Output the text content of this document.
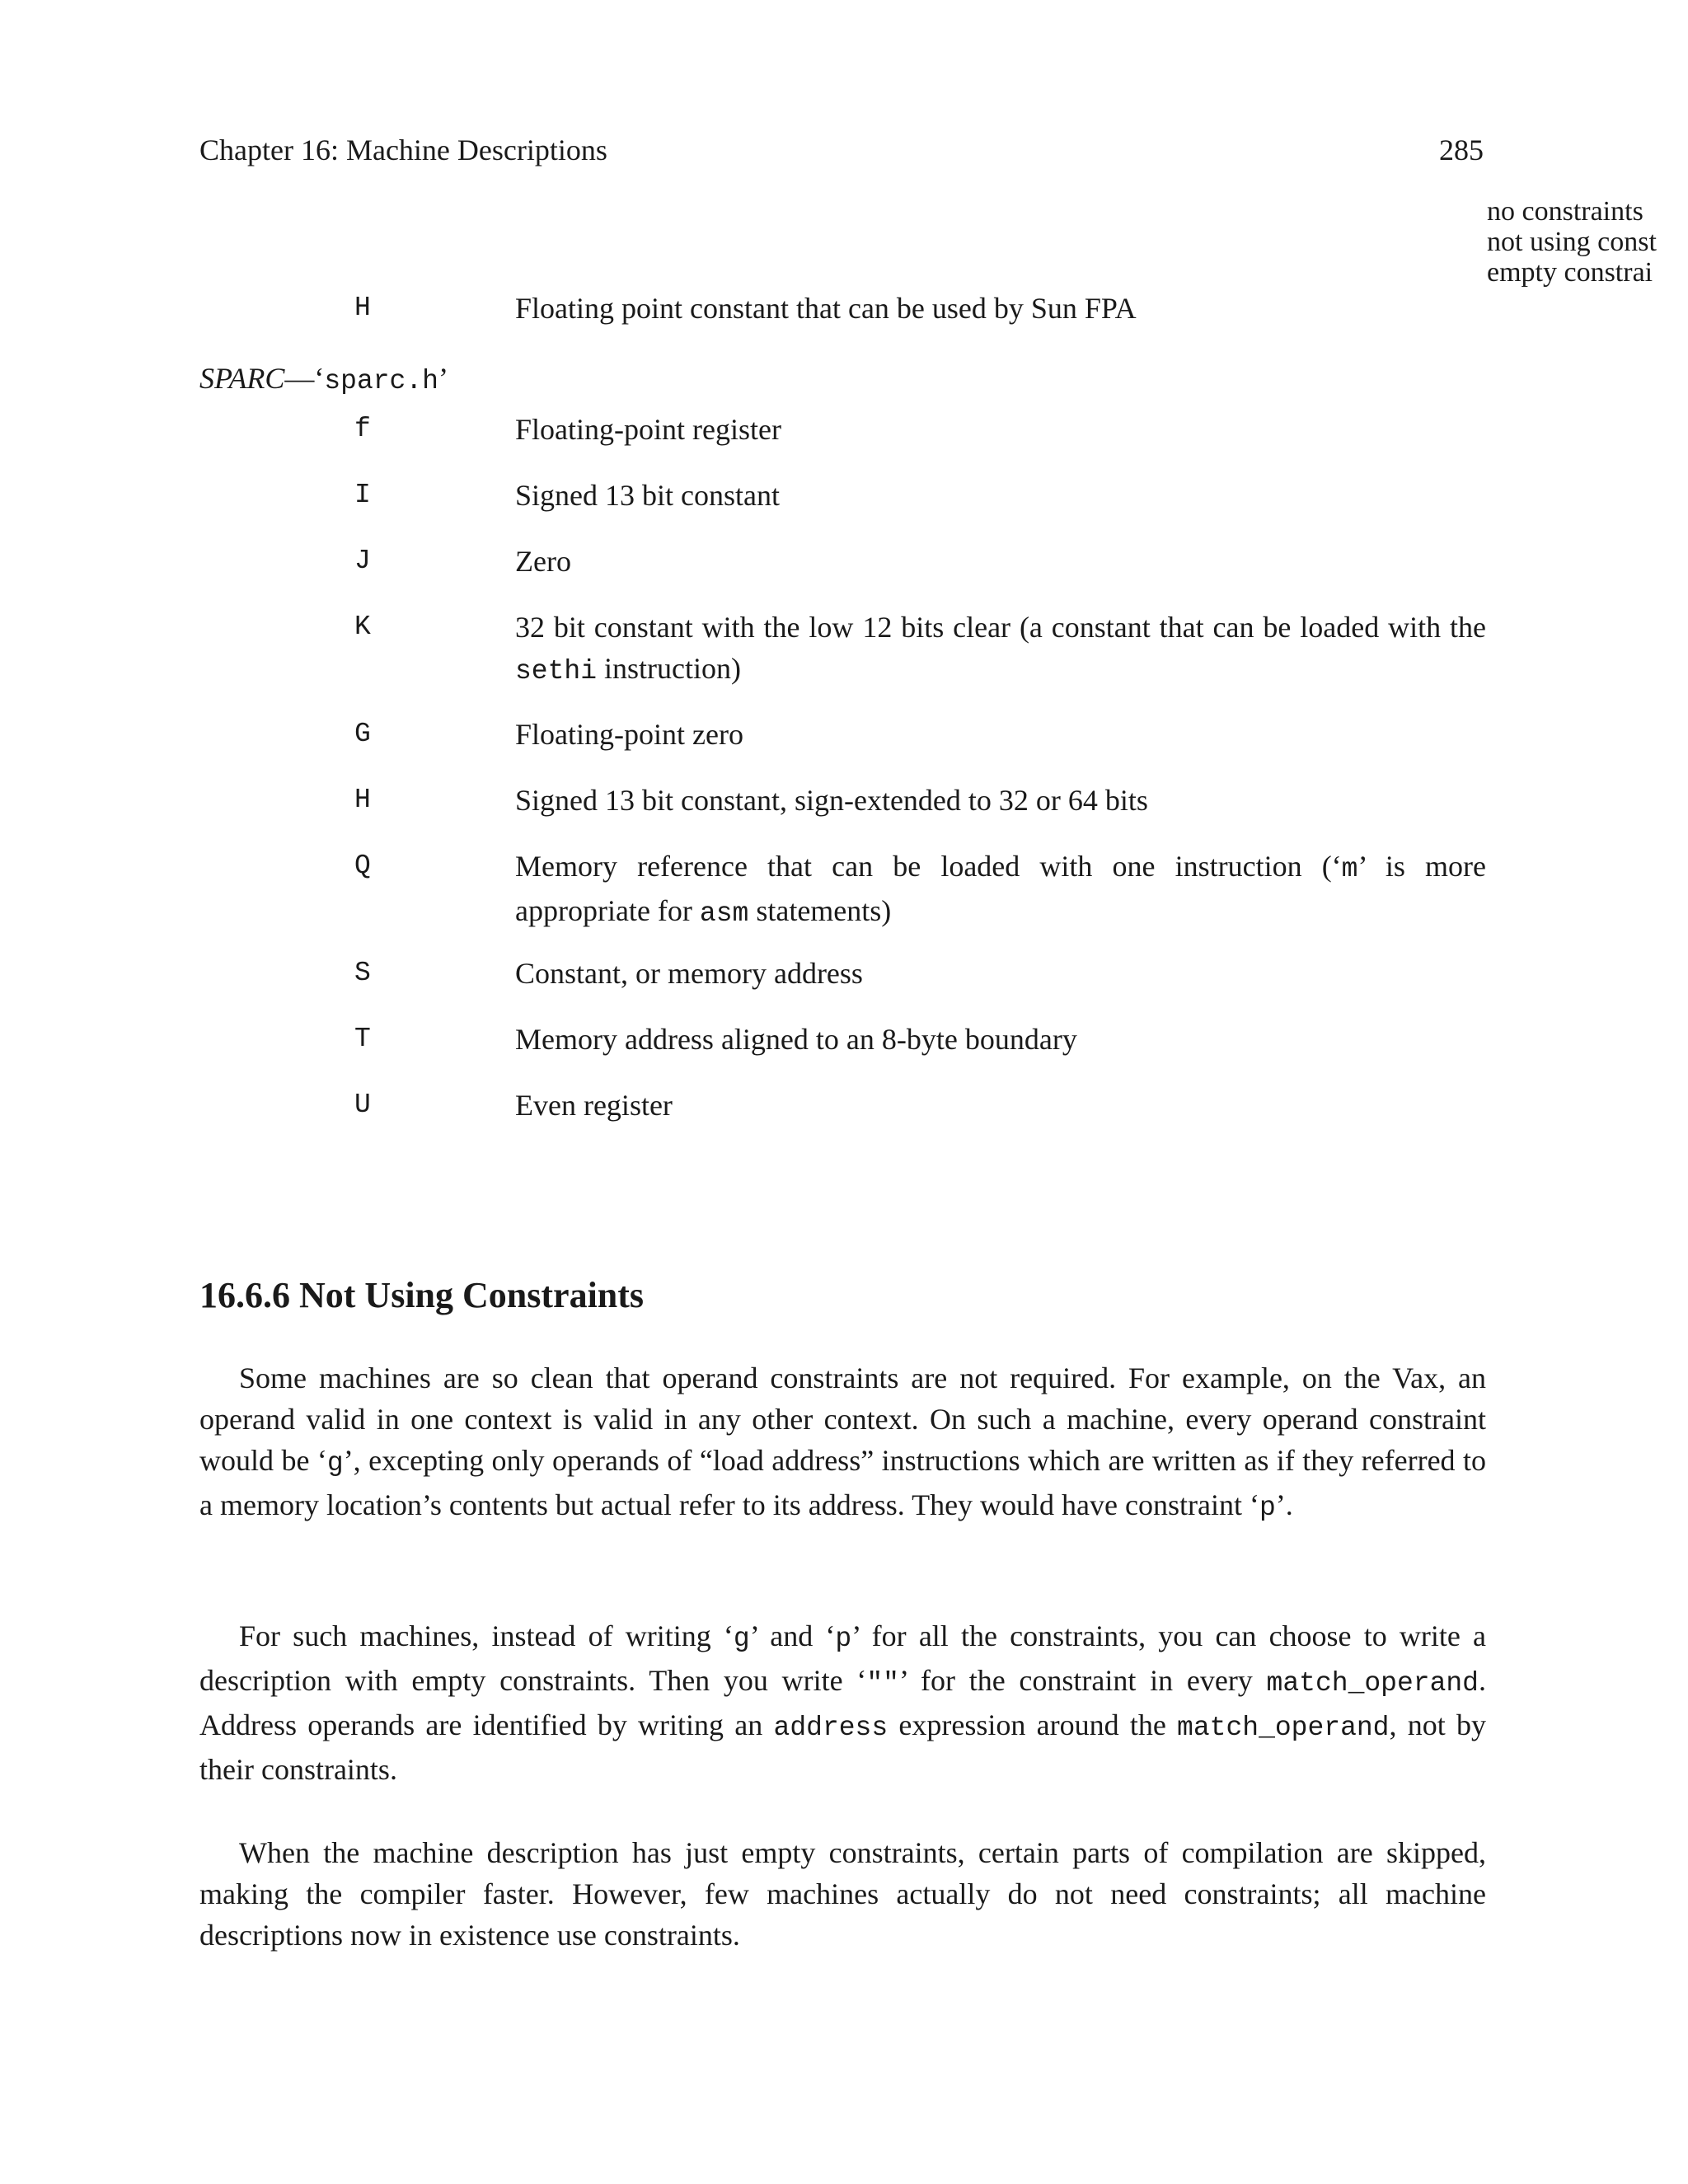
Chapter 16: Machine Descriptions	285
no constraints
not using const
empty constrai
H	Floating point constant that can be used by Sun FPA
SPARC—‘sparc.h’
f	Floating-point register
I	Signed 13 bit constant
J	Zero
K	32 bit constant with the low 12 bits clear (a constant that can be loaded with the sethi instruction)
G	Floating-point zero
H	Signed 13 bit constant, sign-extended to 32 or 64 bits
Q	Memory reference that can be loaded with one instruction (‘m’ is more appropriate for asm statements)
S	Constant, or memory address
T	Memory address aligned to an 8-byte boundary
U	Even register
16.6.6 Not Using Constraints
Some machines are so clean that operand constraints are not required. For example, on the Vax, an operand valid in one context is valid in any other context. On such a machine, every operand constraint would be ‘g’, excepting only operands of “load address” instructions which are written as if they referred to a memory location’s contents but actual refer to its address. They would have constraint ‘p’.
For such machines, instead of writing ‘g’ and ‘p’ for all the constraints, you can choose to write a description with empty constraints. Then you write ‘""’ for the constraint in every match_operand. Address operands are identified by writing an address expression around the match_operand, not by their constraints.
When the machine description has just empty constraints, certain parts of compilation are skipped, making the compiler faster. However, few machines actually do not need constraints; all machine descriptions now in existence use constraints.
